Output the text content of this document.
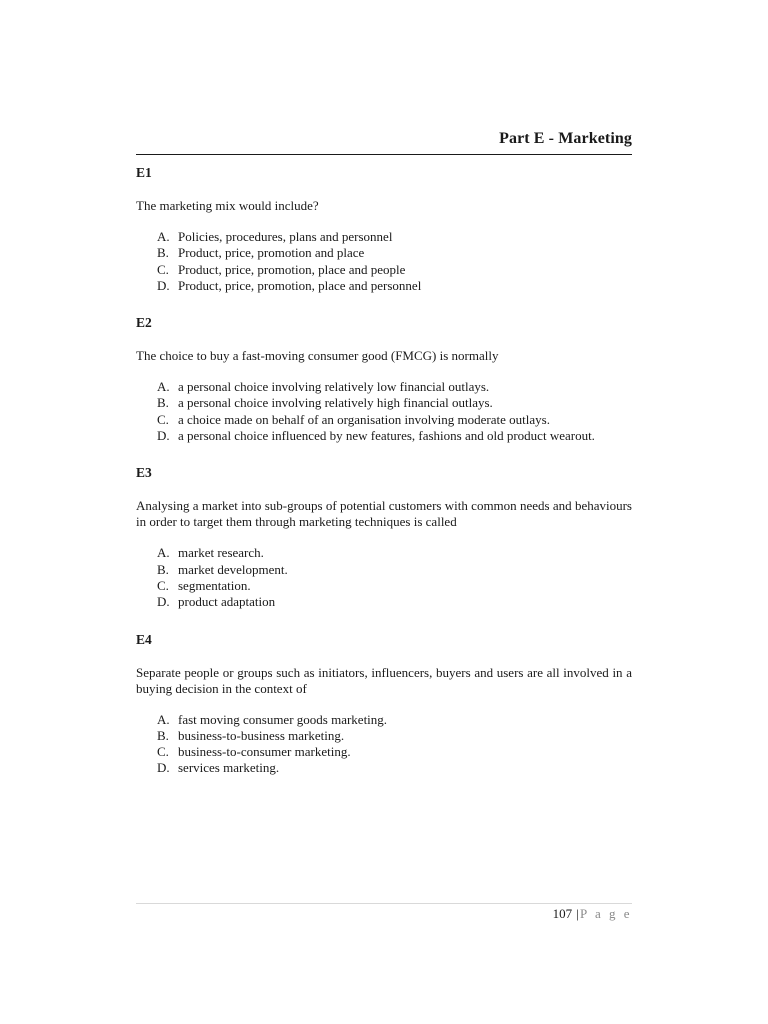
Part E - Marketing
E1

The marketing mix would include?

A. Policies, procedures, plans and personnel
B. Product, price, promotion and place
C. Product, price, promotion, place and people
D. Product, price, promotion, place and personnel
E2

The choice to buy a fast-moving consumer good (FMCG) is normally

A. a personal choice involving relatively low financial outlays.
B. a personal choice involving relatively high financial outlays.
C. a choice made on behalf of an organisation involving moderate outlays.
D. a personal choice influenced by new features, fashions and old product wearout.
E3

Analysing a market into sub-groups of potential customers with common needs and behaviours in order to target them through marketing techniques is called

A. market research.
B. market development.
C. segmentation.
D. product adaptation
E4

Separate people or groups such as initiators, influencers, buyers and users are all involved in a buying decision in the context of

A. fast moving consumer goods marketing.
B. business-to-business marketing.
C. business-to-consumer marketing.
D. services marketing.
107 |P a g e
